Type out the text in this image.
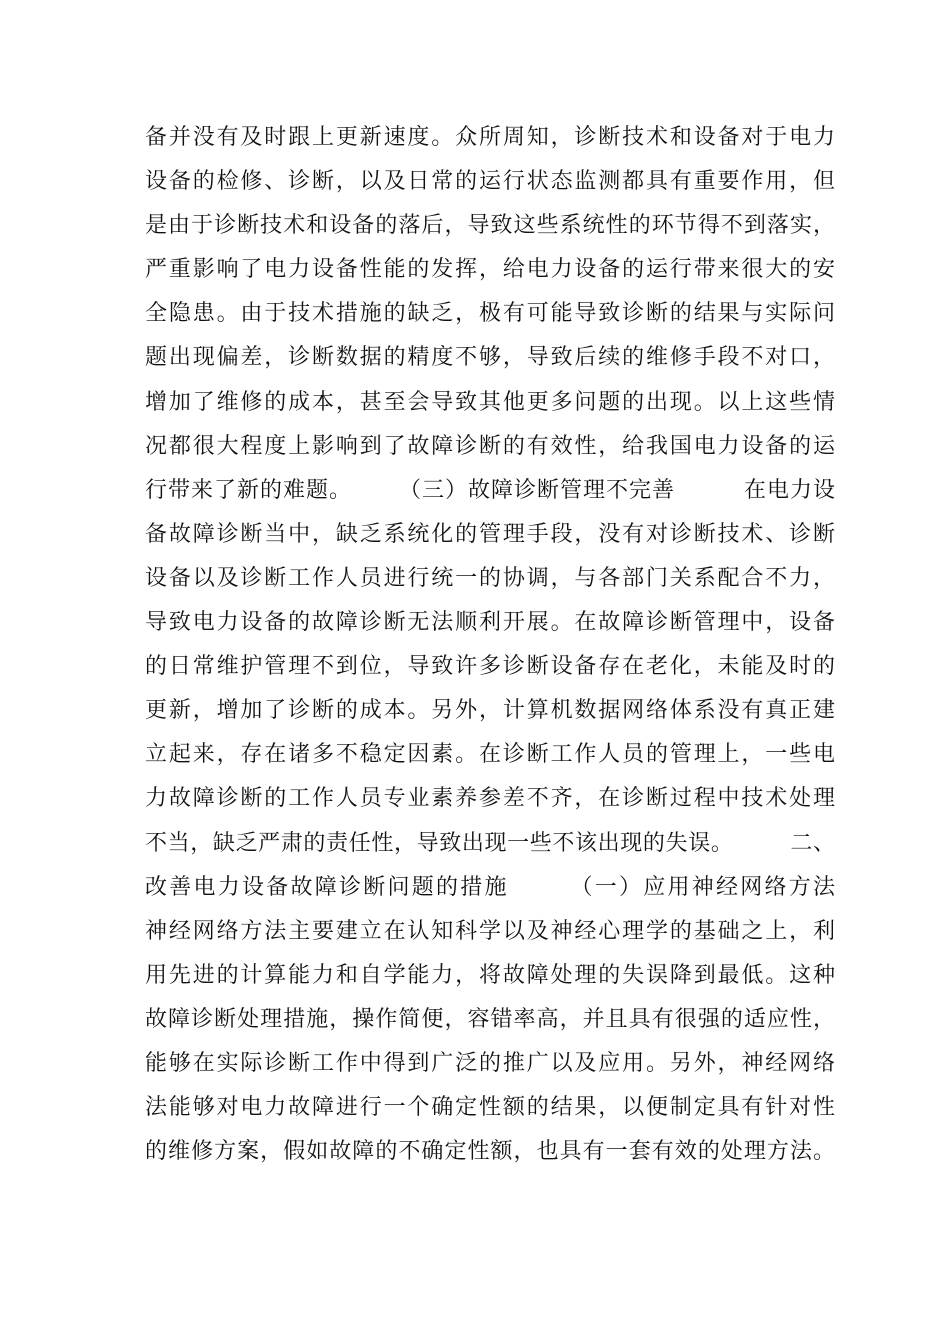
备并没有及时跟上更新速度。众所周知，诊断技术和设备对于电力
设备的检修、诊断，以及日常的运行状态监测都具有重要作用，但
是由于诊断技术和设备的落后，导致这些系统性的环节得不到落实，
严重影响了电力设备性能的发挥，给电力设备的运行带来很大的安
全隐患。由于技术措施的缺乏，极有可能导致诊断的结果与实际问
题出现偏差，诊断数据的精度不够，导致后续的维修手段不对口，
增加了维修的成本，甚至会导致其他更多问题的出现。以上这些情
况都很大程度上影响到了故障诊断的有效性，给我国电力设备的运
行带来了新的难题。　　　（三）故障诊断管理不完善　　　在电力设
备故障诊断当中，缺乏系统化的管理手段，没有对诊断技术、诊断
设备以及诊断工作人员进行统一的协调，与各部门关系配合不力，
导致电力设备的故障诊断无法顺利开展。在故障诊断管理中，设备
的日常维护管理不到位，导致许多诊断设备存在老化，未能及时的
更新，增加了诊断的成本。另外，计算机数据网络体系没有真正建
立起来，存在诸多不稳定因素。在诊断工作人员的管理上，一些电
力故障诊断的工作人员专业素养参差不齐，在诊断过程中技术处理
不当，缺乏严肃的责任性，导致出现一些不该出现的失误。　　　二、
改善电力设备故障诊断问题的措施　　　（一）应用神经网络方法
神经网络方法主要建立在认知科学以及神经心理学的基础之上，利
用先进的计算能力和自学能力，将故障处理的失误降到最低。这种
故障诊断处理措施，操作简便，容错率高，并且具有很强的适应性，
能够在实际诊断工作中得到广泛的推广以及应用。另外，神经网络
法能够对电力故障进行一个确定性额的结果，以便制定具有针对性
的维修方案，假如故障的不确定性额，也具有一套有效的处理方法。
